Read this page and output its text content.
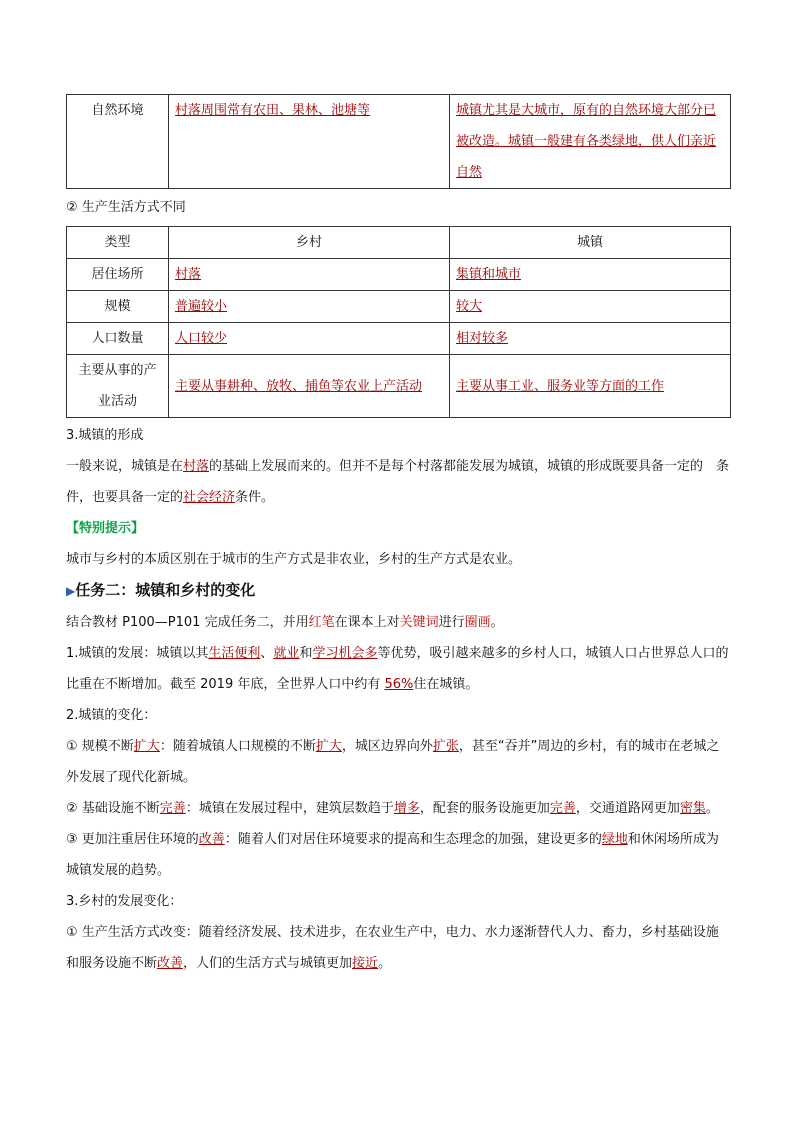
自然环境	村落周围常有农田、果林、池塘等	城镇尤其是大城市，原有的自然环境大部分已被改造。城镇一般建有各类绿地，供人们亲近自然

② 生产生活方式不同

类型	乡村	城镇
居住场所	村落	集镇和城市
规模	普遍较小	较大
人口数量	人口较少	相对较多
主要从事的产业活动	主要从事耕种、放牧、捕鱼等农业上产活动	主要从事工业、服务业等方面的工作

3.城镇的形成

一般来说，城镇是在村落的基础上发展而来的。但并不是每个村落都能发展为城镇，城镇的形成既要具备一定的　条件，也要具备一定的社会经济条件。

【特别提示】

城市与乡村的本质区别在于城市的生产方式是非农业，乡村的生产方式是农业。

▶任务二：城镇和乡村的变化

结合教材 P100—P101 完成任务二，并用红笔在课本上对关键词进行圈画。

1.城镇的发展：城镇以其生活便利、就业和学习机会多等优势，吸引越来越多的乡村人口，城镇人口占世界总人口的比重在不断增加。截至 2019 年底，全世界人口中约有 56%住在城镇。

2.城镇的变化：

① 规模不断扩大：随着城镇人口规模的不断扩大，城区边界向外扩张，甚至“吞并”周边的乡村，有的城市在老城之外发展了现代化新城。

② 基础设施不断完善：城镇在发展过程中，建筑层数趋于增多，配套的服务设施更加完善，交通道路网更加密集。

③ 更加注重居住环境的改善：随着人们对居住环境要求的提高和生态理念的加强，建设更多的绿地和休闲场所成为城镇发展的趋势。

3.乡村的发展变化：

① 生产生活方式改变：随着经济发展、技术进步，在农业生产中，电力、水力逐渐替代人力、畜力，乡村基础设施和服务设施不断改善，人们的生活方式与城镇更加接近。
